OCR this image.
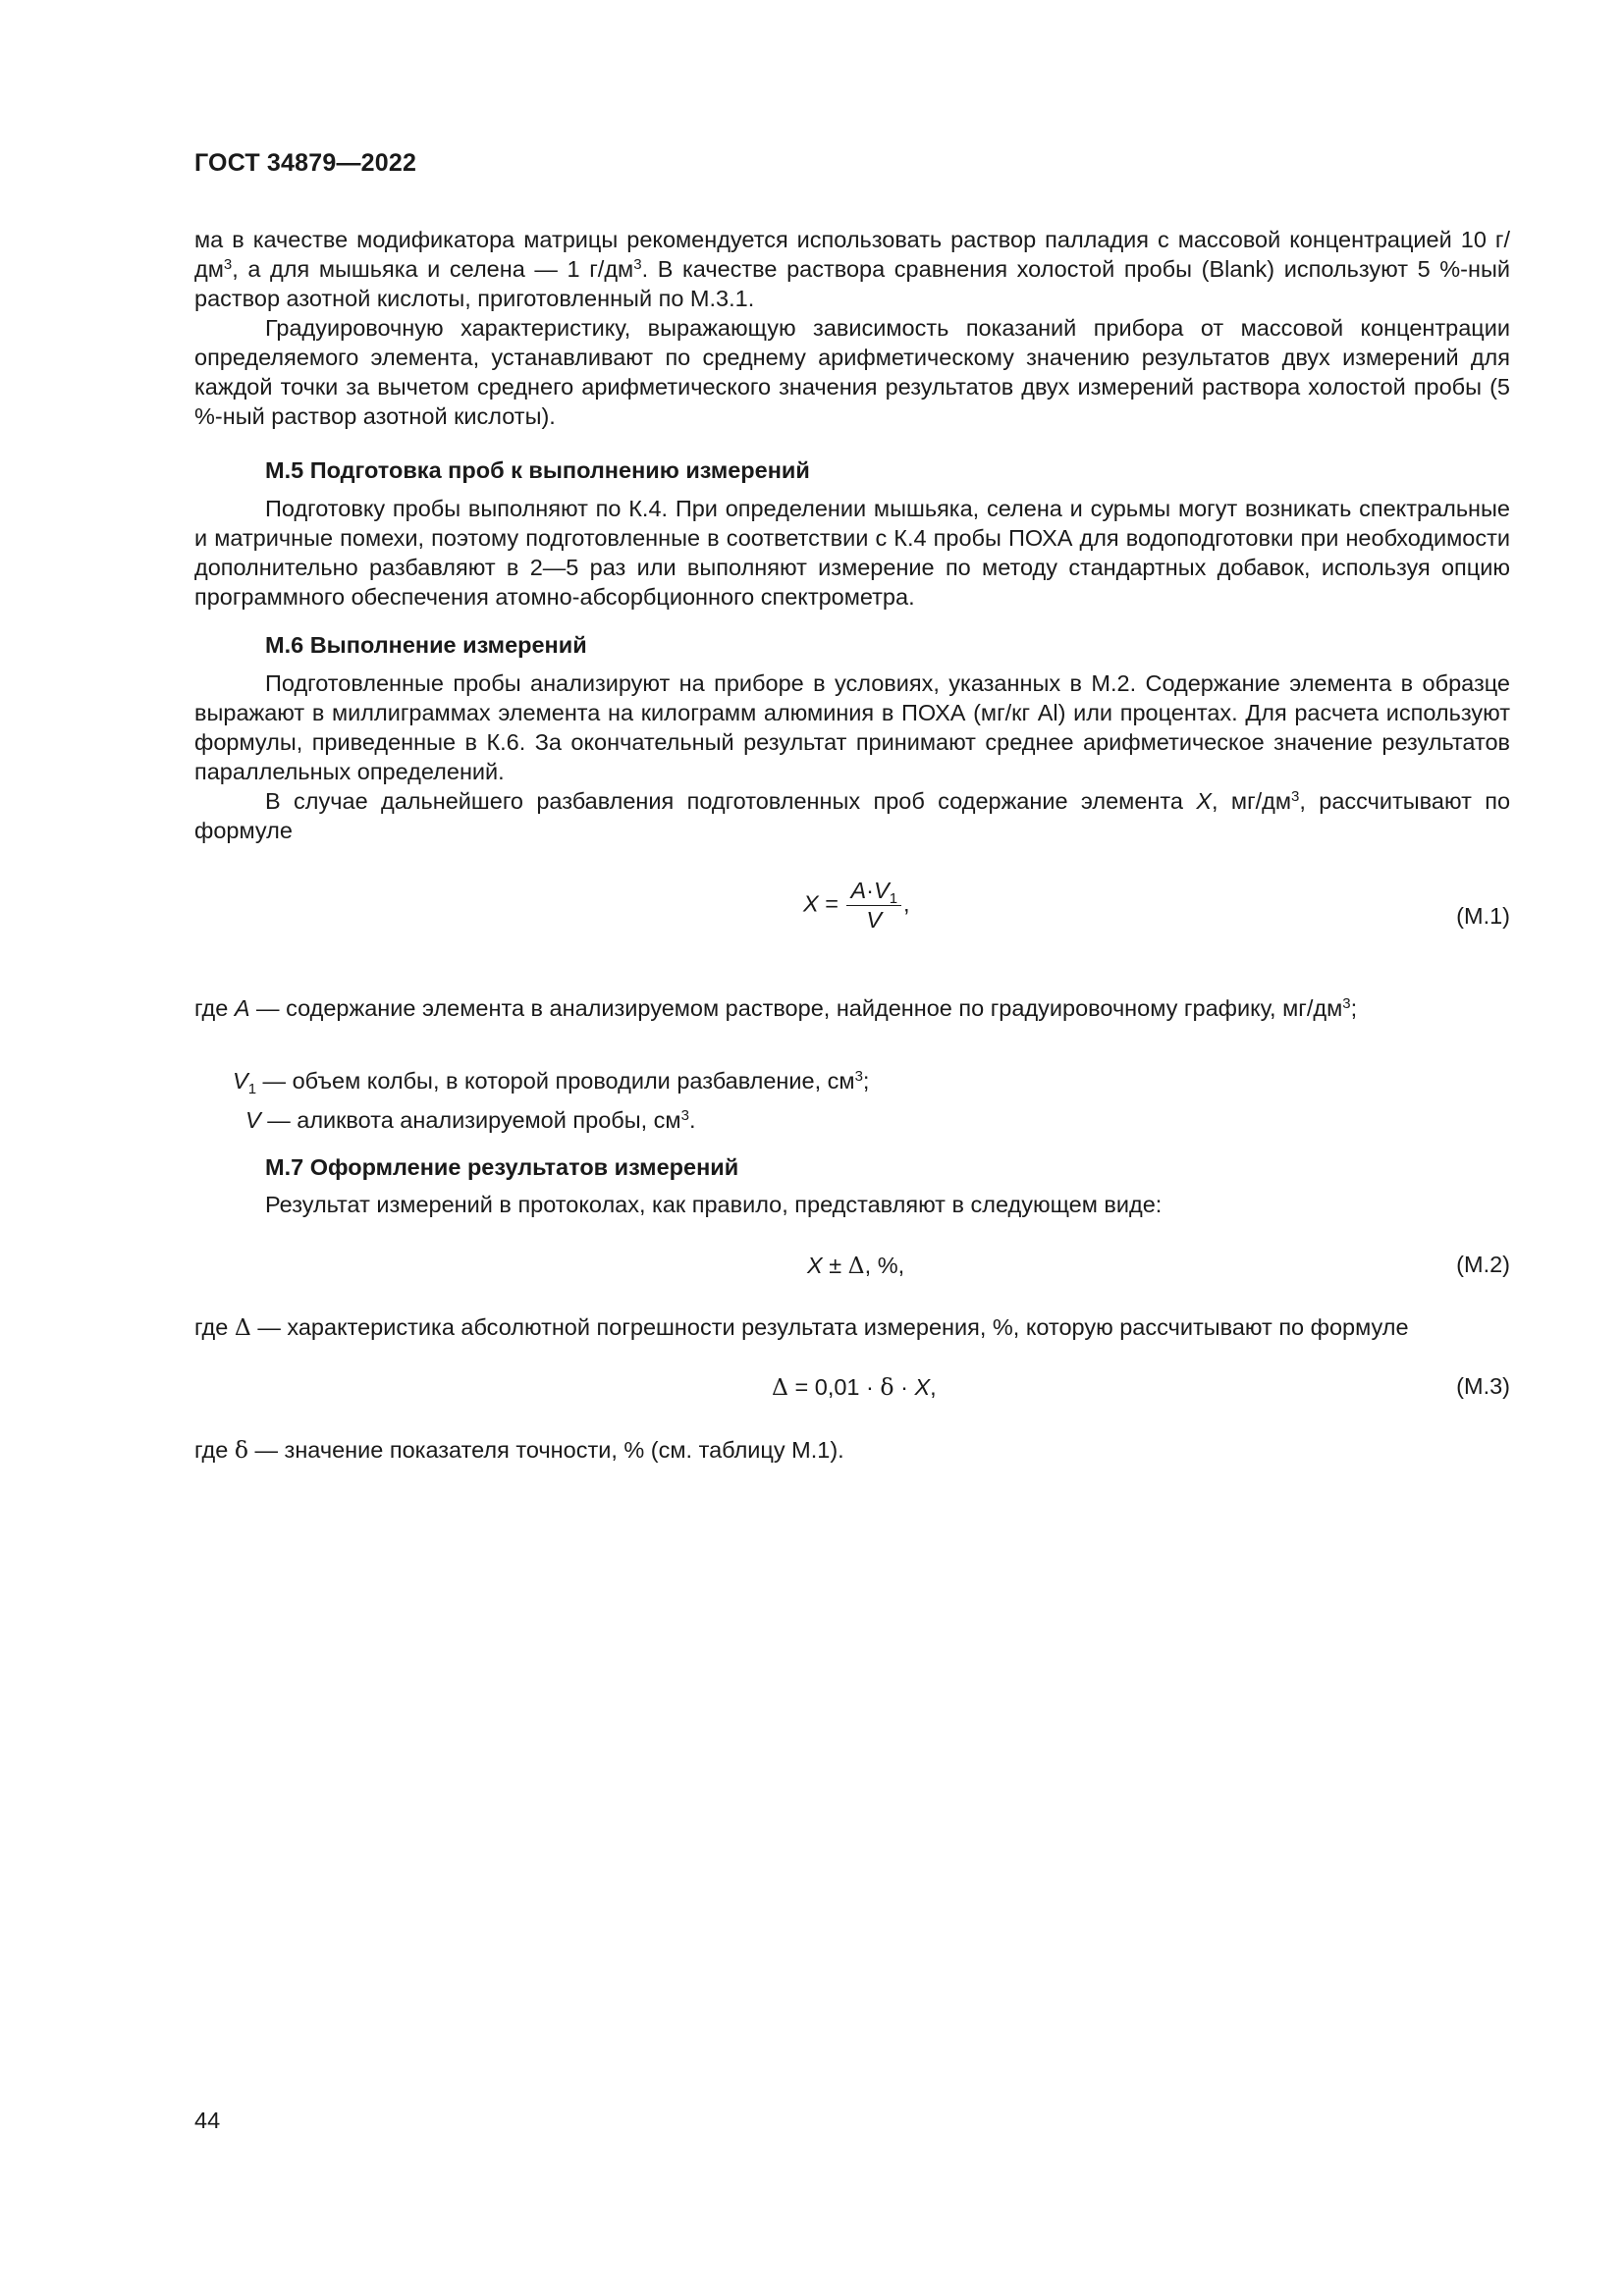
ГОСТ 34879—2022

ма в качестве модификатора матрицы рекомендуется использовать раствор палладия с массовой концентрацией 10 $г/дм^3$, а для мышьяка и селена — 1 $г/дм^3$. В качестве раствора сравнения холостой пробы (Blank) используют 5 %-ный раствор азотной кислоты, приготовленный по М.3.1.

Градуировочную характеристику, выражающую зависимость показаний прибора от массовой концентрации определяемого элемента, устанавливают по среднему арифметическому значению результатов двух измерений для каждой точки за вычетом среднего арифметического значения результатов двух измерений раствора холостой пробы (5 %-ный раствор азотной кислоты).

М.5 Подготовка проб к выполнению измерений

Подготовку пробы выполняют по К.4. При определении мышьяка, селена и сурьмы могут возникать спектральные и матричные помехи, поэтому подготовленные в соответствии с К.4 пробы ПОХА для водоподготовки при необходимости дополнительно разбавляют в 2—5 раз или выполняют измерение по методу стандартных добавок, используя опцию программного обеспечения атомно-абсорбционного спектрометра.

М.6 Выполнение измерений

Подготовленные пробы анализируют на приборе в условиях, указанных в М.2. Содержание элемента в образце выражают в миллиграммах элемента на килограмм алюминия в ПОХА (мг/кг Al) или процентах. Для расчета используют формулы, приведенные в К.6. За окончательный результат принимают среднее арифметическое значение результатов параллельных определений.

В случае дальнейшего разбавления подготовленных проб содержание элемента X, $мг/дм^3$, рассчитывают по формуле

$X = \frac{A\cdot V_1}{V}$ ,	(М.1)
где A — содержание элемента в анализируемом растворе, найденное по градуировочному графику, $мг/дм^3$;
$V_1$ — объем колбы, в которой проводили разбавление, $см^3$;
V — аликвота анализируемой пробы, $см^3$.
М.7 Оформление результатов измерений
Результат измерений в протоколах, как правило, представляют в следующем виде:
X ± Δ, %,	(М.2)
где Δ — характеристика абсолютной погрешности результата измерения, %, которую рассчитывают по формуле
Δ = 0,01 · δ · X,	(М.3)
где δ — значение показателя точности, % (см. таблицу М.1).
44
